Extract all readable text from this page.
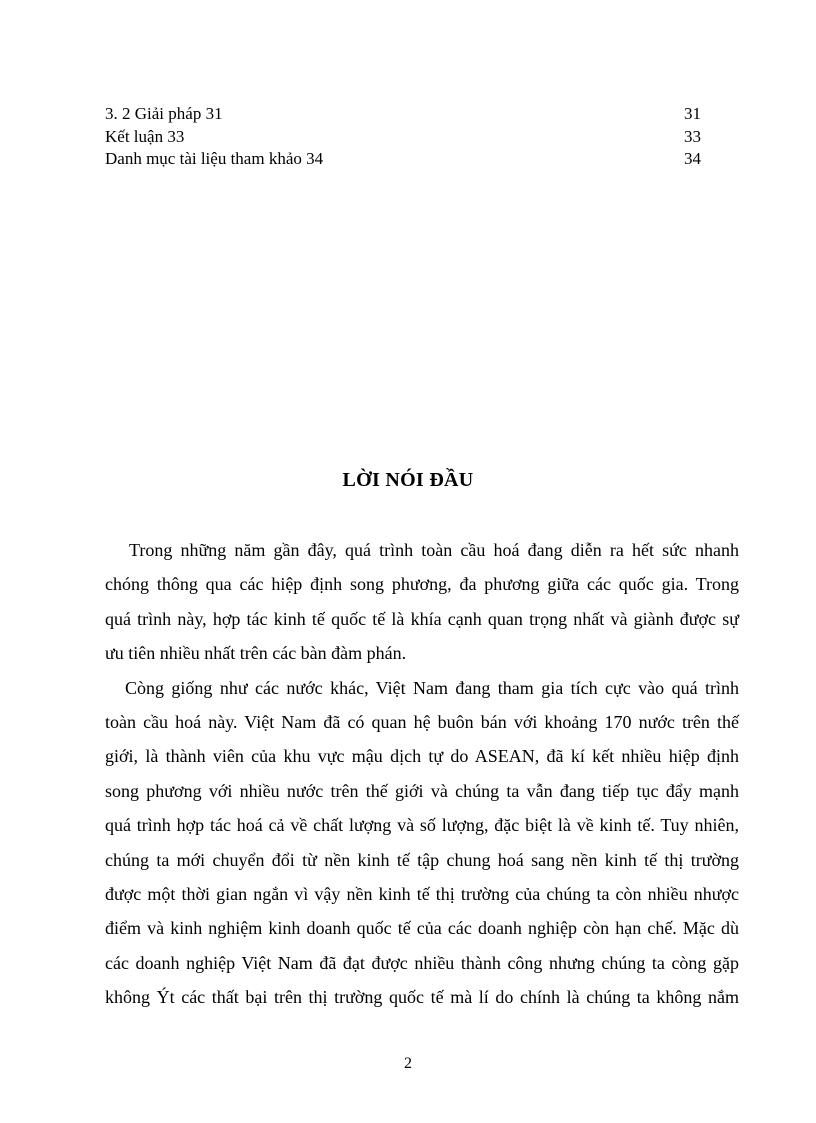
3. 2 Giải pháp 31	31
Kết luận 33	33
Danh mục tài liệu tham khảo 34	34
LỜI NÓI ĐẦU
Trong những năm gần đây, quá trình toàn cầu hoá đang diễn ra hết sức nhanh
chóng thông qua các hiệp định song phương, đa phương giữa các quốc gia. Trong
quá trình này, hợp tác kinh tế quốc tế là khía cạnh quan trọng nhất và giành được sự
ưu tiên nhiều nhất trên các bàn đàm phán.
Còng giống như các nước khác, Việt Nam đang tham gia tích cực vào quá trình
toàn cầu hoá này. Việt Nam đã có quan hệ buôn bán với khoảng 170 nước trên thế
giới, là thành viên của khu vực mậu dịch tự do ASEAN, đã kí kết nhiều hiệp định
song phương với nhiều nước trên thế giới và chúng ta vẫn đang tiếp tục đẩy mạnh
quá trình hợp tác hoá cả về chất lượng và số lượng, đặc biệt là về kinh tế. Tuy nhiên,
chúng ta mới chuyển đổi từ nền kinh tế tập chung hoá sang nền kinh tế thị trường
được một thời gian ngắn vì vậy nền kinh tế thị trường của chúng ta còn nhiều nhược
điểm và kinh nghiệm kinh doanh quốc tế của các doanh nghiệp còn hạn chế. Mặc dù
các doanh nghiệp Việt Nam đã đạt được nhiều thành công nhưng chúng ta còng gặp
không Ýt các thất bại trên thị trường quốc tế mà lí do chính là chúng ta không nắm
2
